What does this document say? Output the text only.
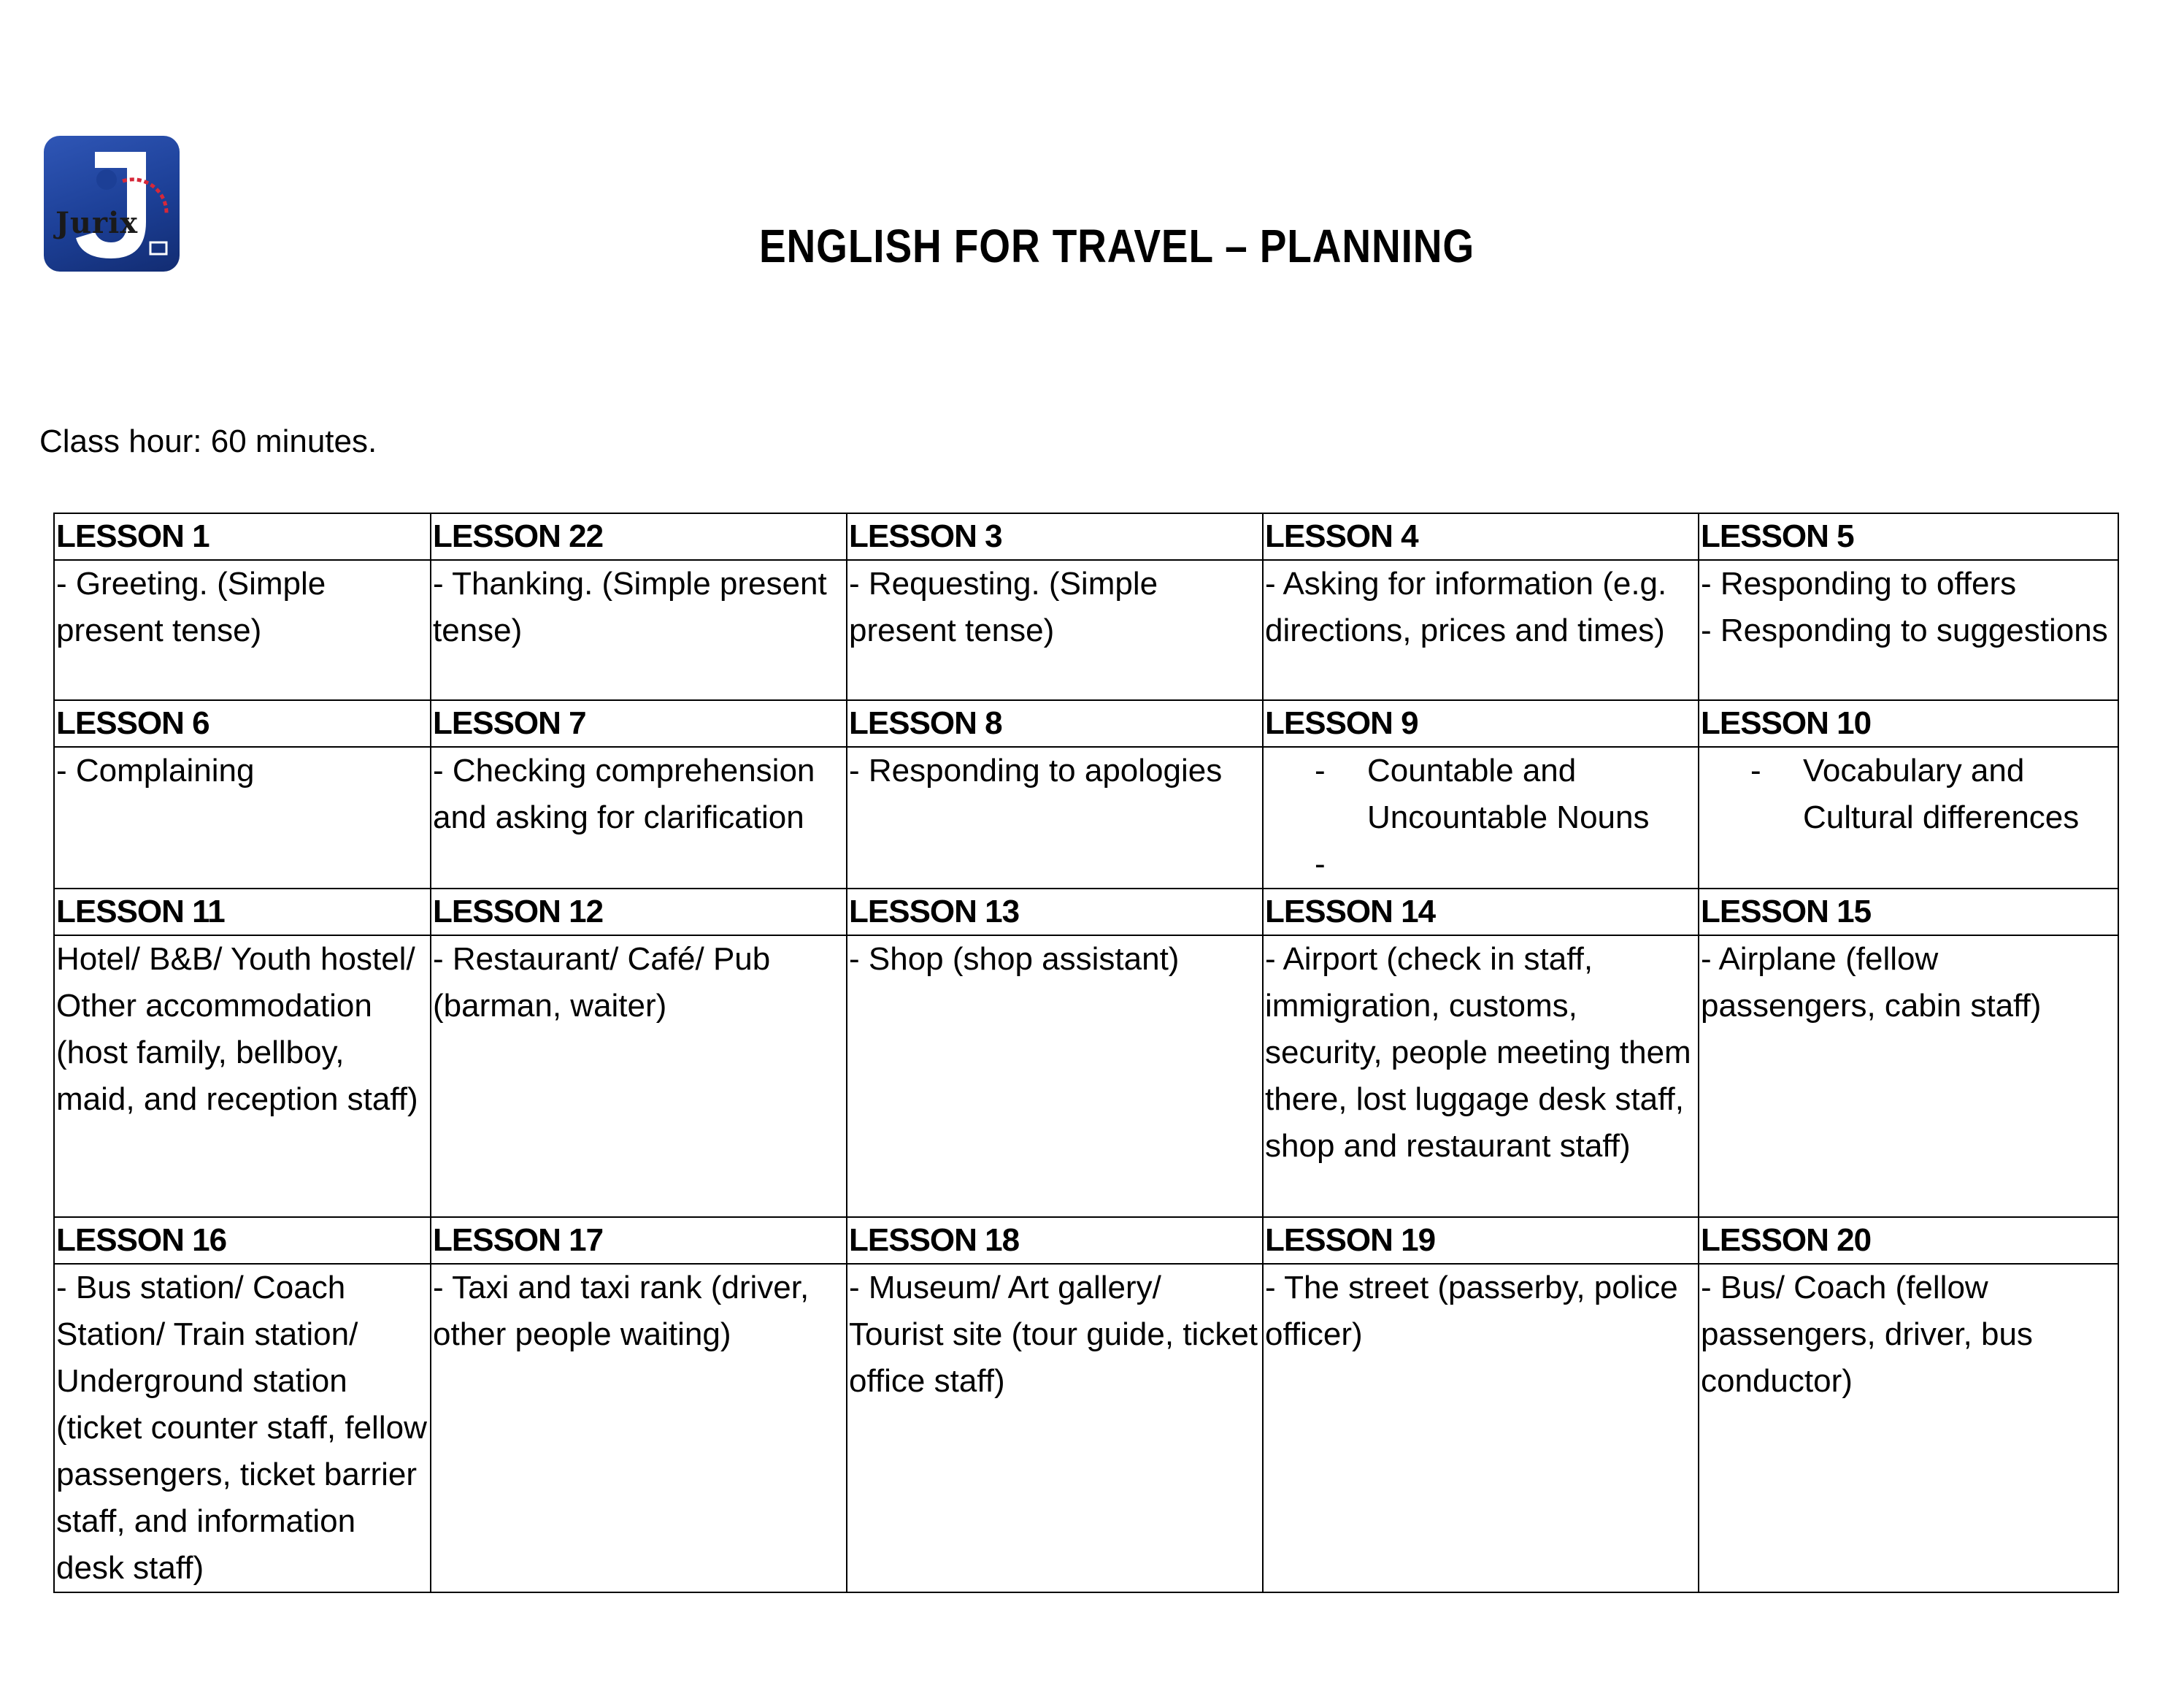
Jurix	ENGLISH FOR TRAVEL – PLANNING

Class hour: 60 minutes.

LESSON 1	LESSON 22	LESSON 3	LESSON 4	LESSON 5

- Greeting. (Simple present tense)	- Thanking. (Simple present tense)	- Requesting. (Simple present tense)	- Asking for information (e.g. directions, prices and times)	- Responding to offers
- Responding to suggestions

LESSON 6	LESSON 7	LESSON 8	LESSON 9	LESSON 10

- Complaining	- Checking comprehension and asking for clarification	- Responding to apologies	- Countable and Uncountable Nouns
-	- Vocabulary and Cultural differences

LESSON 11	LESSON 12	LESSON 13	LESSON 14	LESSON 15

Hotel/ B&B/ Youth hostel/ Other accommodation (host family, bellboy, maid, and reception staff)	- Restaurant/ Café/ Pub (barman, waiter)	- Shop (shop assistant)	- Airport (check in staff, immigration, customs, security, people meeting them there, lost luggage desk staff, shop and restaurant staff)	- Airplane (fellow passengers, cabin staff)

LESSON 16	LESSON 17	LESSON 18	LESSON 19	LESSON 20

- Bus station/ Coach Station/ Train station/ Underground station (ticket counter staff, fellow passengers, ticket barrier staff, and information desk staff)	- Taxi and taxi rank (driver, other people waiting)	- Museum/ Art gallery/ Tourist site (tour guide, ticket office staff)	- The street (passerby, police officer)	- Bus/ Coach (fellow passengers, driver, bus conductor)
